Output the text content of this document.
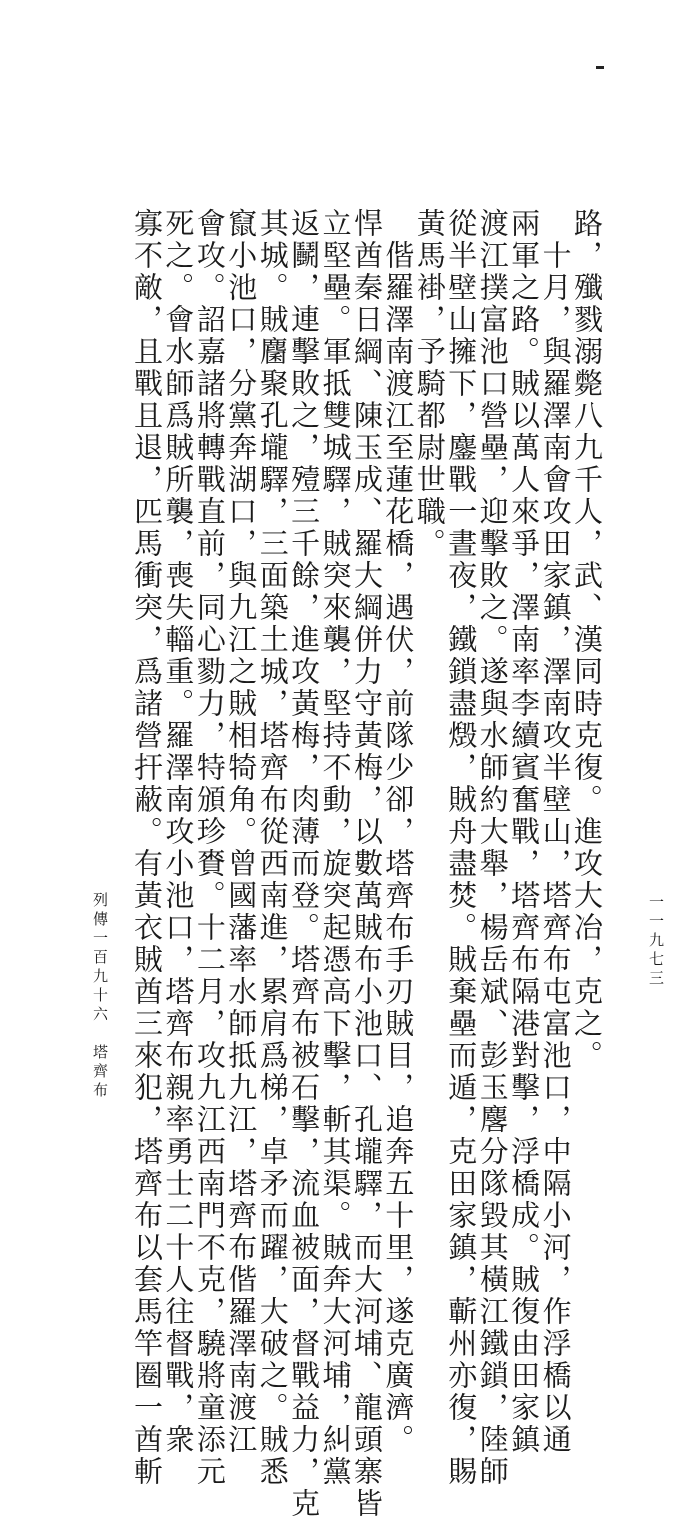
路，殲戮溺斃八九千人，武、漢同時克復。進攻大冶，克之。
十月，與羅澤南會攻田家鎮，澤南攻半壁山，塔齊布屯富池口，中隔小河，作浮橋以通
兩軍之路。賊以萬人來爭，澤南率李續賓奮戰，塔齊布隔港對擊，浮橋成。賊復由田家鎮
渡江撲富池口營壘，迎擊敗之。遂與水師約大舉，楊岳斌、彭玉麐分隊毀其橫江鐵鎖，陸師
從半壁山擁下，鏖戰一晝夜，鐵鎖盡燬，賊舟盡焚。賊棄壘而遁，克田家鎮，蘄州亦復，賜
黃馬褂，予騎都尉世職。
偕羅澤南渡江至蓮花橋，遇伏，前隊少卻，塔齊布手刃賊目，追奔五十里，遂克廣濟。
悍酋秦日綱、陳玉成、羅大綱併力守黃梅，以數萬賊布小池口、孔壠驛，而大河埔、龍頭寨皆
立堅壘。軍抵雙城驛，賊突來襲，堅持不動，旋突起憑高下擊，斬其渠。賊奔大河埔，糾黨
返鬭，連擊敗之，殪三千餘，進攻黃梅，肉薄而登。塔齊布被石擊，流血被面，督戰益力，克
其城。賊麕聚孔壠驛，三面築土城，塔齊布從西南進，累肩爲梯，卓矛而躍，大破之。賊悉
竄小池口，分黨奔湖口，與九江之賊相犄角。曾國藩率水師抵九江，塔齊布偕羅澤南渡江
會攻。詔嘉諸將轉戰直前，同心勠力，特頒珍賚。十二月，攻九江西南門不克，驍將童添元
死之。會水師爲賊所襲，喪失輜重。羅澤南攻小池口，塔齊布親率勇士二十人往督戰，衆
列傳一百九十六　塔齊布	一一九七三
寡不敵，且戰且退，匹馬衝突，爲諸營扞蔽。有黃衣賊酋三來犯，塔齊布以套馬竿圈一酋斬
